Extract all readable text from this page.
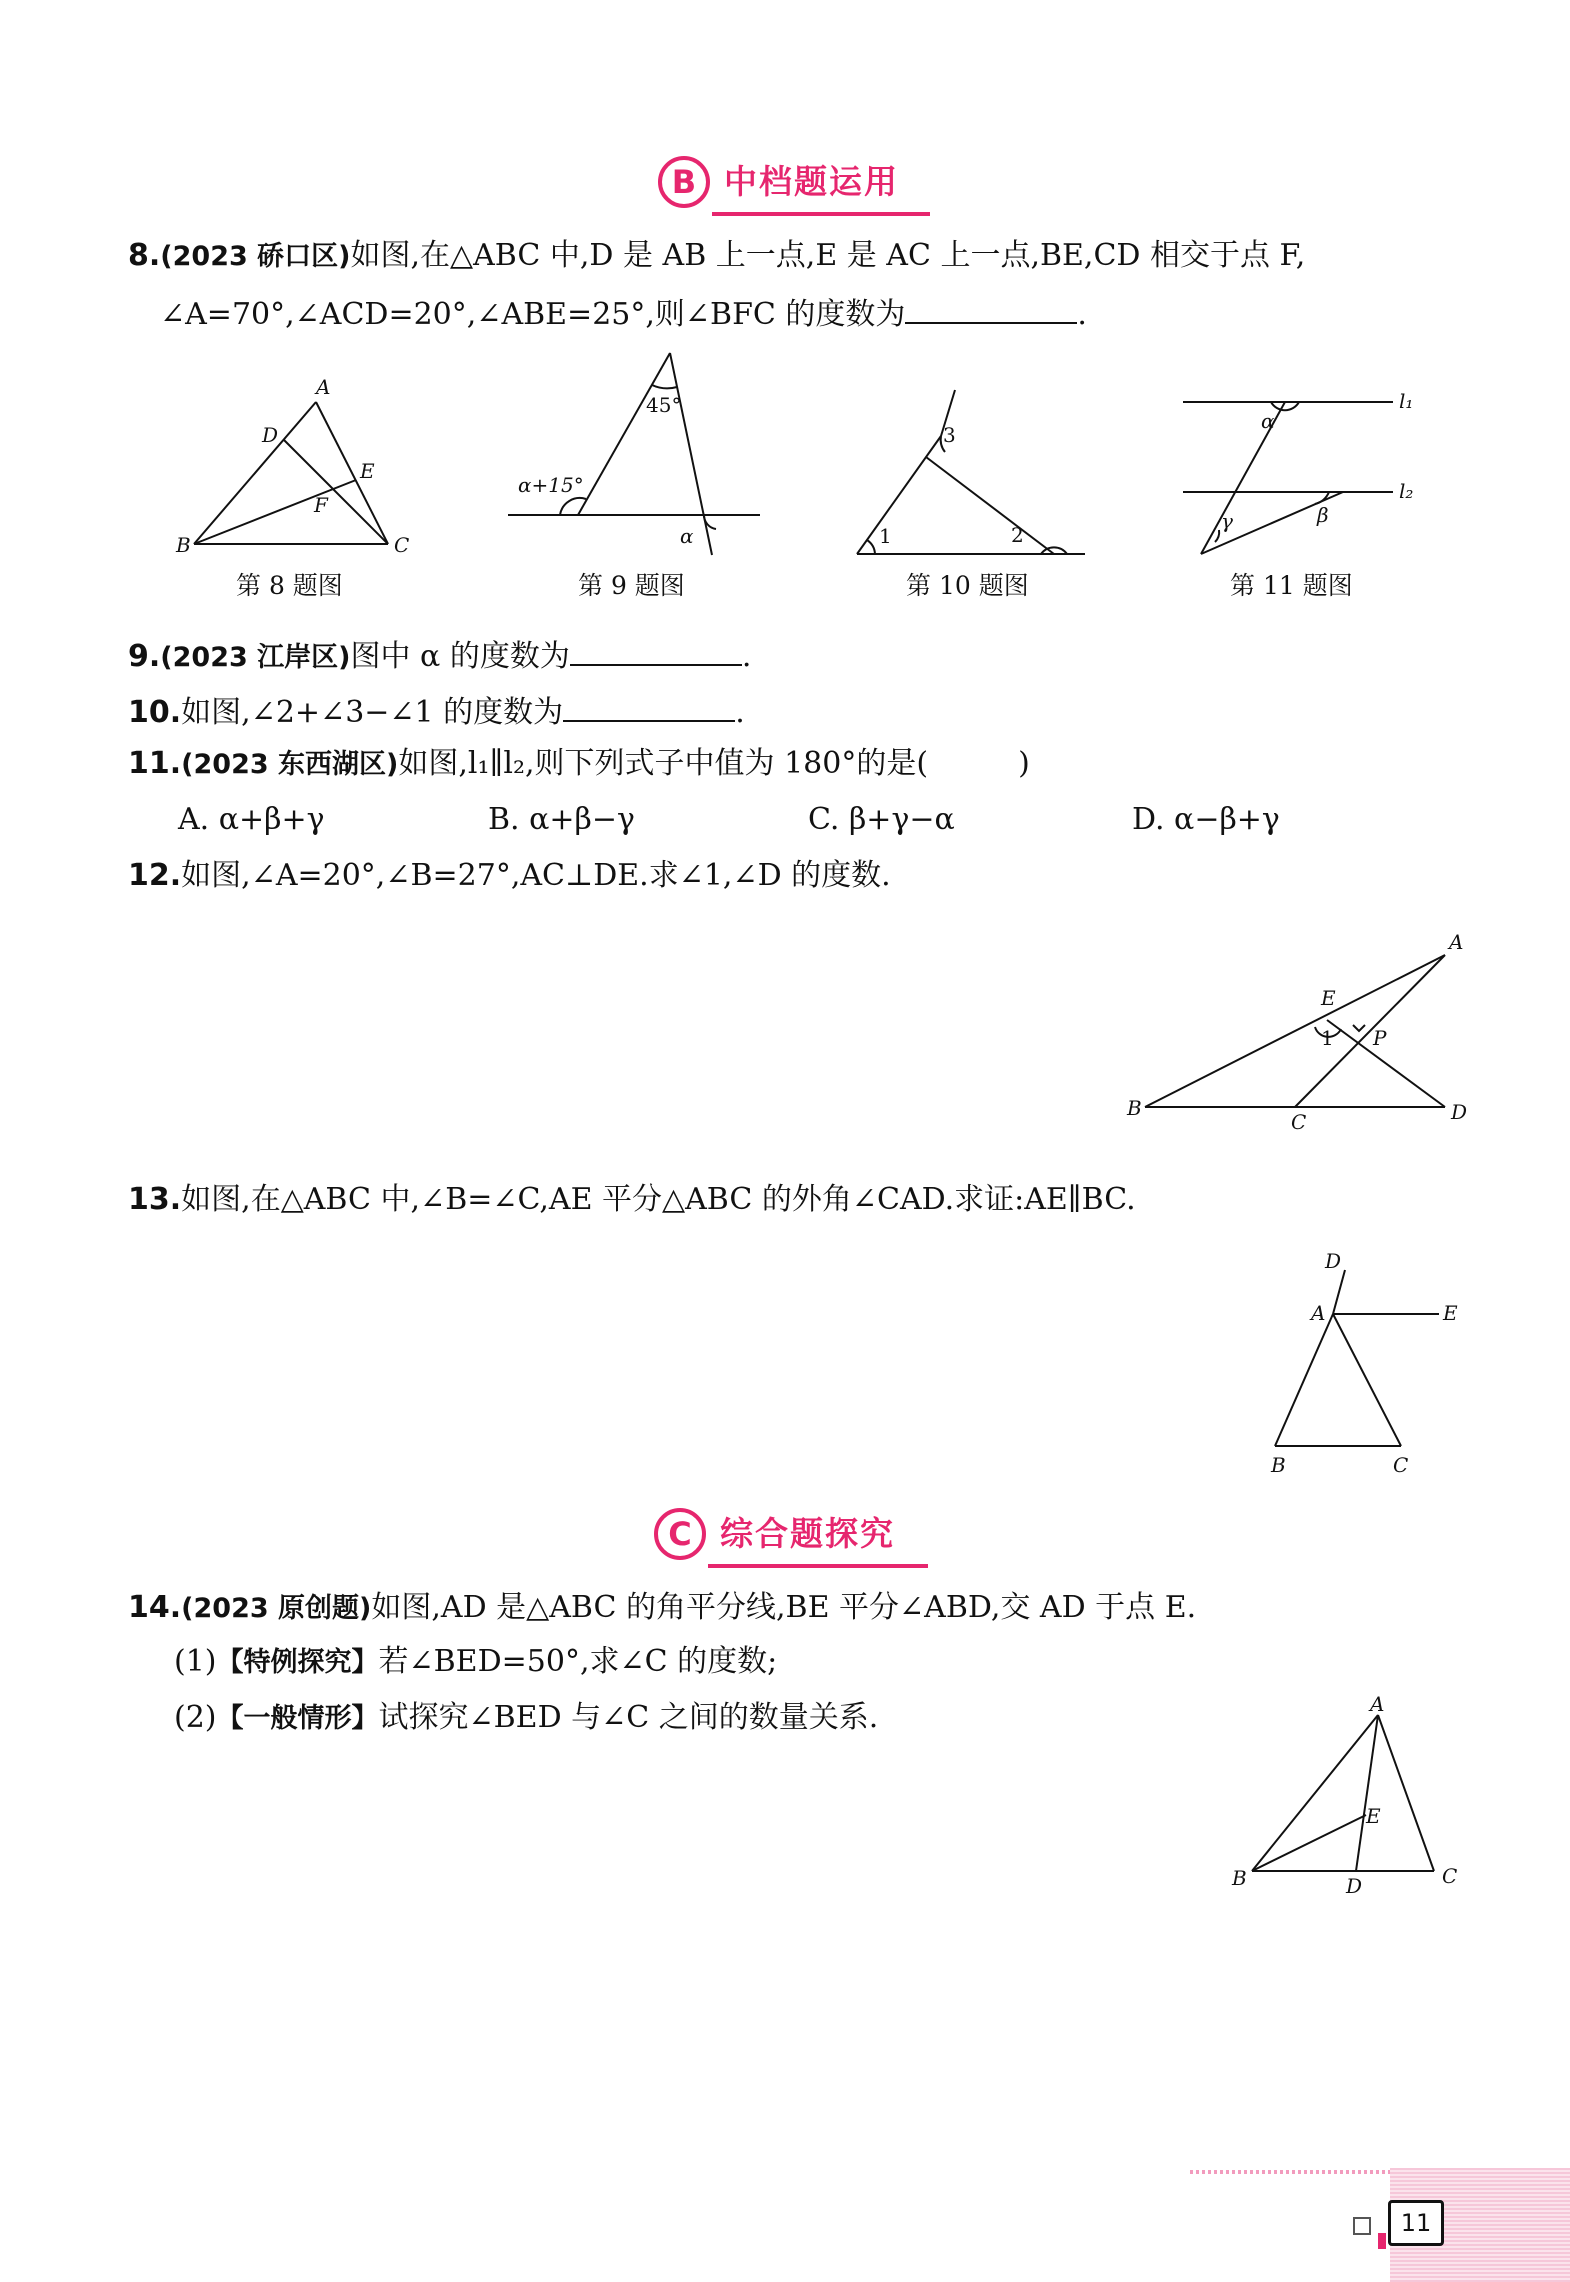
B 中档题运用
8.(2023 硚口区)如图,在△ABC 中,D 是 AB 上一点,E 是 AC 上一点,BE,CD 相交于点 F,
∠A=70°,∠ACD=20°,∠ABE=25°,则∠BFC 的度数为	.
A
D
E
F
B	C
第 8 题图
45°
α+15°
α
第 9 题图
3
1	2
第 10 题图
l₁
l₂
α
β
γ
第 11 题图
9.(2023 江岸区)图中 α 的度数为	.
10.如图,∠2+∠3−∠1 的度数为	.
11.(2023 东西湖区)如图,l₁∥l₂,则下列式子中值为 180°的是(　　　)
A. α+β+γ	B. α+β−γ	C. β+γ−α	D. α−β+γ
12.如图,∠A=20°,∠B=27°,AC⊥DE.求∠1,∠D 的度数.
A
E
1 P
B
C	D
13.如图,在△ABC 中,∠B=∠C,AE 平分△ABC 的外角∠CAD.求证:AE∥BC.
D
A	E
B	C
C 综合题探究
14.(2023 原创题)如图,AD 是△ABC 的角平分线,BE 平分∠ABD,交 AD 于点 E.
(1)【特例探究】若∠BED=50°,求∠C 的度数;
(2)【一般情形】试探究∠BED 与∠C 之间的数量关系.	A
E
B	D	C
11
